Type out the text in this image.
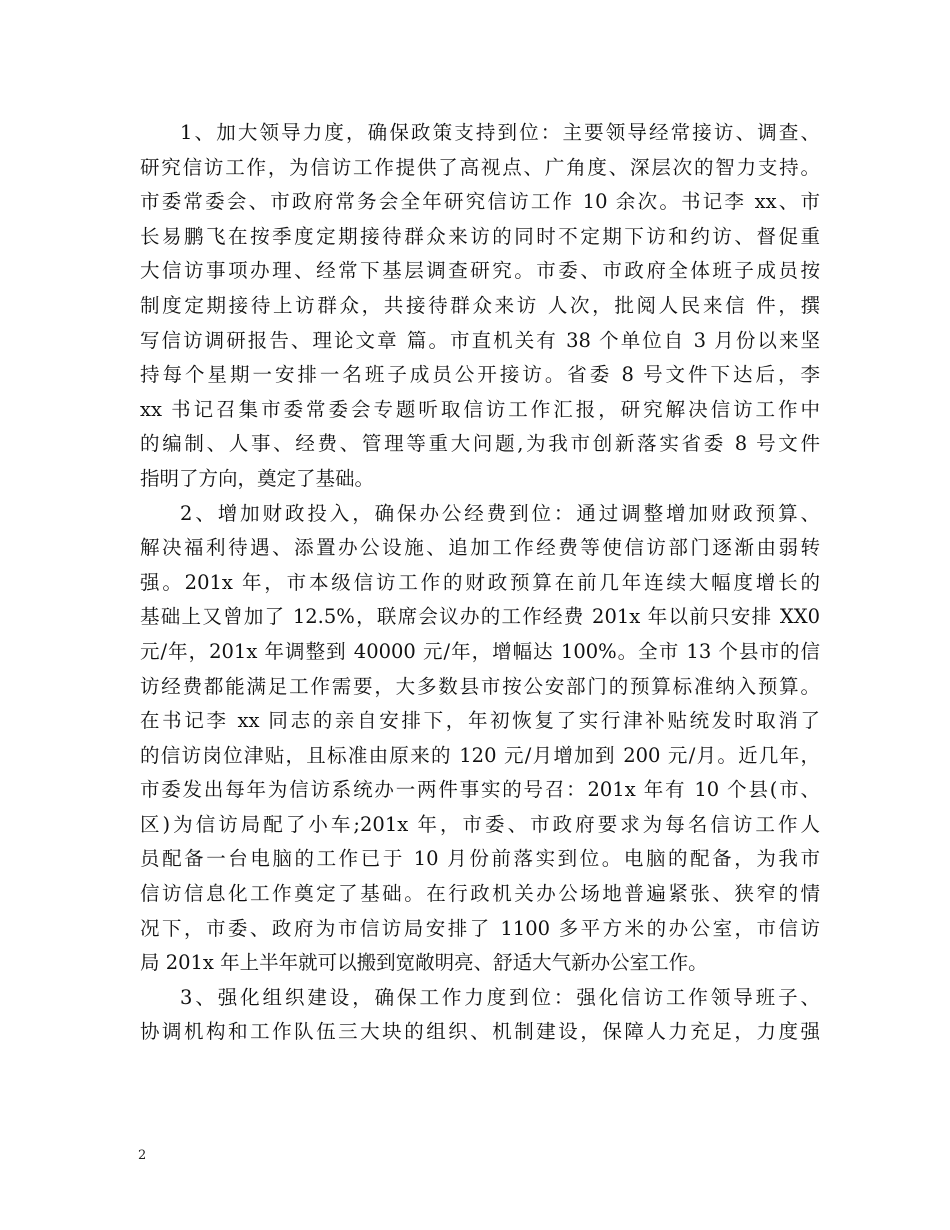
1、加大领导力度，确保政策支持到位：主要领导经常接访、调查、
研究信访工作，为信访工作提供了高视点、广角度、深层次的智力支持。
市委常委会、市政府常务会全年研究信访工作 10 余次。书记李 xx、市
长易鹏飞在按季度定期接待群众来访的同时不定期下访和约访、督促重
大信访事项办理、经常下基层调查研究。市委、市政府全体班子成员按
制度定期接待上访群众，共接待群众来访 人次，批阅人民来信 件，撰
写信访调研报告、理论文章 篇。市直机关有 38 个单位自 3 月份以来坚
持每个星期一安排一名班子成员公开接访。省委 8 号文件下达后，李
xx 书记召集市委常委会专题听取信访工作汇报，研究解决信访工作中
的编制、人事、经费、管理等重大问题,为我市创新落实省委 8 号文件
指明了方向，奠定了基础。
2、增加财政投入，确保办公经费到位：通过调整增加财政预算、
解决福利待遇、添置办公设施、追加工作经费等使信访部门逐渐由弱转
强。201x 年，市本级信访工作的财政预算在前几年连续大幅度增长的
基础上又曾加了 12.5%，联席会议办的工作经费 201x 年以前只安排 XX0
元/年，201x 年调整到 40000 元/年，增幅达 100%。全市 13 个县市的信
访经费都能满足工作需要，大多数县市按公安部门的预算标准纳入预算。
在书记李 xx 同志的亲自安排下，年初恢复了实行津补贴统发时取消了
的信访岗位津贴，且标准由原来的 120 元/月增加到 200 元/月。近几年，
市委发出每年为信访系统办一两件事实的号召：201x 年有 10 个县(市、
区)为信访局配了小车;201x 年，市委、市政府要求为每名信访工作人
员配备一台电脑的工作已于 10 月份前落实到位。电脑的配备，为我市
信访信息化工作奠定了基础。在行政机关办公场地普遍紧张、狭窄的情
况下，市委、政府为市信访局安排了 1100 多平方米的办公室，市信访
局 201x 年上半年就可以搬到宽敞明亮、舒适大气新办公室工作。
3、强化组织建设，确保工作力度到位：强化信访工作领导班子、
协调机构和工作队伍三大块的组织、机制建设，保障人力充足，力度强
2
